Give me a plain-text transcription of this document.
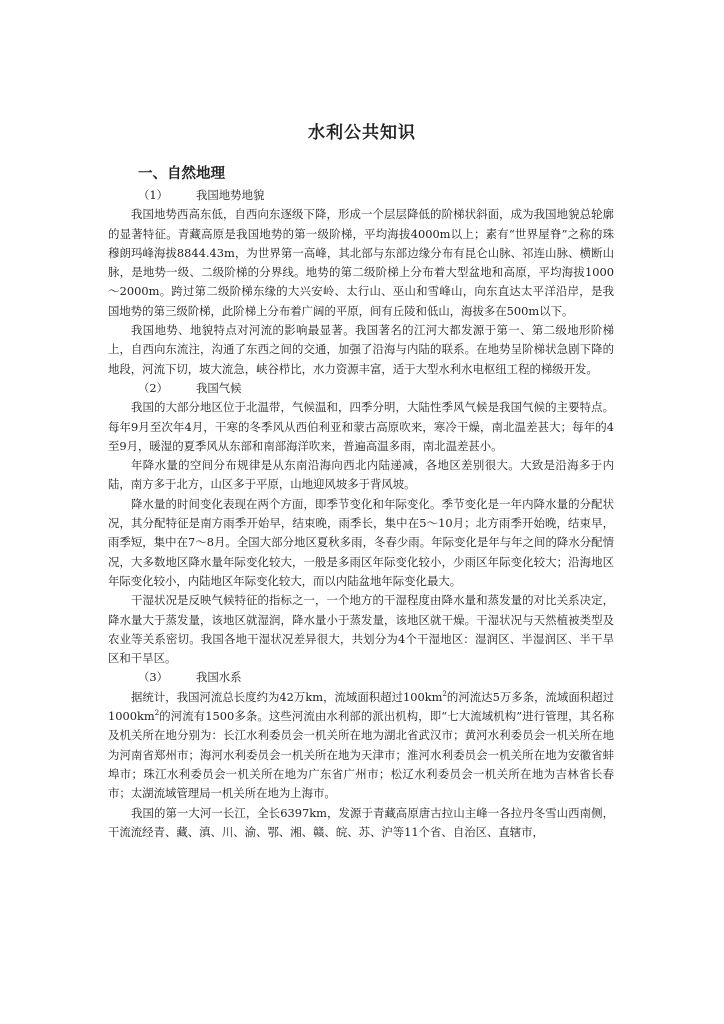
水利公共知识
一、自然地理
（1） 我国地势地貌

我国地势西高东低，自西向东逐级下降，形成一个层层降低的阶梯状斜面，成为我国地貌总轮廓的显著特征。青藏高原是我国地势的第一级阶梯，平均海拔4000m以上；素有“世界屋脊”之称的珠穆朗玛峰海拔8844.43m，为世界第一高峰，其北部与东部边缘分布有昆仑山脉、祁连山脉、横断山脉，是地势一级、二级阶梯的分界线。地势的第二级阶梯上分布着大型盆地和高原，平均海拔1000～2000m。跨过第二级阶梯东缘的大兴安岭、太行山、巫山和雪峰山，向东直达太平洋沿岸，是我国地势的第三级阶梯，此阶梯上分布着广阔的平原，间有丘陵和低山，海拔多在500m以下。

我国地势、地貌特点对河流的影响最显著。我国著名的江河大都发源于第一、第二级地形阶梯上，自西向东流注，沟通了东西之间的交通，加强了沿海与内陆的联系。在地势呈阶梯状急剧下降的地段，河流下切，坡大流急，峡谷栉比，水力资源丰富，适于大型水利水电枢纽工程的梯级开发。

（2） 我国气候

我国的大部分地区位于北温带，气候温和，四季分明，大陆性季风气候是我国气候的主要特点。每年9月至次年4月，干寒的冬季风从西伯利亚和蒙古高原吹来，寒冷干燥，南北温差甚大；每年的4至9月，暖湿的夏季风从东部和南部海洋吹来，普遍高温多雨，南北温差甚小。

年降水量的空间分布规律是从东南沿海向西北内陆递减，各地区差别很大。大致是沿海多于内陆，南方多于北方，山区多于平原，山地迎风坡多于背风坡。

降水量的时间变化表现在两个方面，即季节变化和年际变化。季节变化是一年内降水量的分配状况，其分配特征是南方雨季开始早，结束晚，雨季长，集中在5～10月；北方雨季开始晚，结束早，雨季短，集中在7～8月。全国大部分地区夏秋多雨，冬春少雨。年际变化是年与年之间的降水分配情况，大多数地区降水量年际变化较大，一般是多雨区年际变化较小，少雨区年际变化较大；沿海地区年际变化较小，内陆地区年际变化较大，而以内陆盆地年际变化最大。

干湿状况是反映气候特征的指标之一，一个地方的干湿程度由降水量和蒸发量的对比关系决定，降水量大于蒸发量，该地区就湿润，降水量小于蒸发量，该地区就干燥。干湿状况与天然植被类型及农业等关系密切。我国各地干湿状况差异很大，共划分为4个干湿地区：湿润区、半湿润区、半干旱区和干旱区。

（3） 我国水系

据统计，我国河流总长度约为42万km，流域面积超过$100km^2$的河流达5万多条，流域面积超过$1000km^2$的河流有1500多条。这些河流由水利部的派出机构，即“七大流域机构”进行管理，其名称及机关所在地分别为：长江水利委员会一机关所在地为湖北省武汉市；黄河水利委员会一机关所在地为河南省郑州市；海河水利委员会一机关所在地为天津市；淮河水利委员会一机关所在地为安徽省蚌埠市；珠江水利委员会一机关所在地为广东省广州市；松辽水利委员会一机关所在地为吉林省长春市；太湖流域管理局一机关所在地为上海市。

我国的第一大河一长江，全长6397km，发源于青藏高原唐古拉山主峰一各拉丹冬雪山西南侧，干流流经青、藏、滇、川、渝、鄂、湘、赣、皖、苏、沪等11个省、自治区、直辖市，
